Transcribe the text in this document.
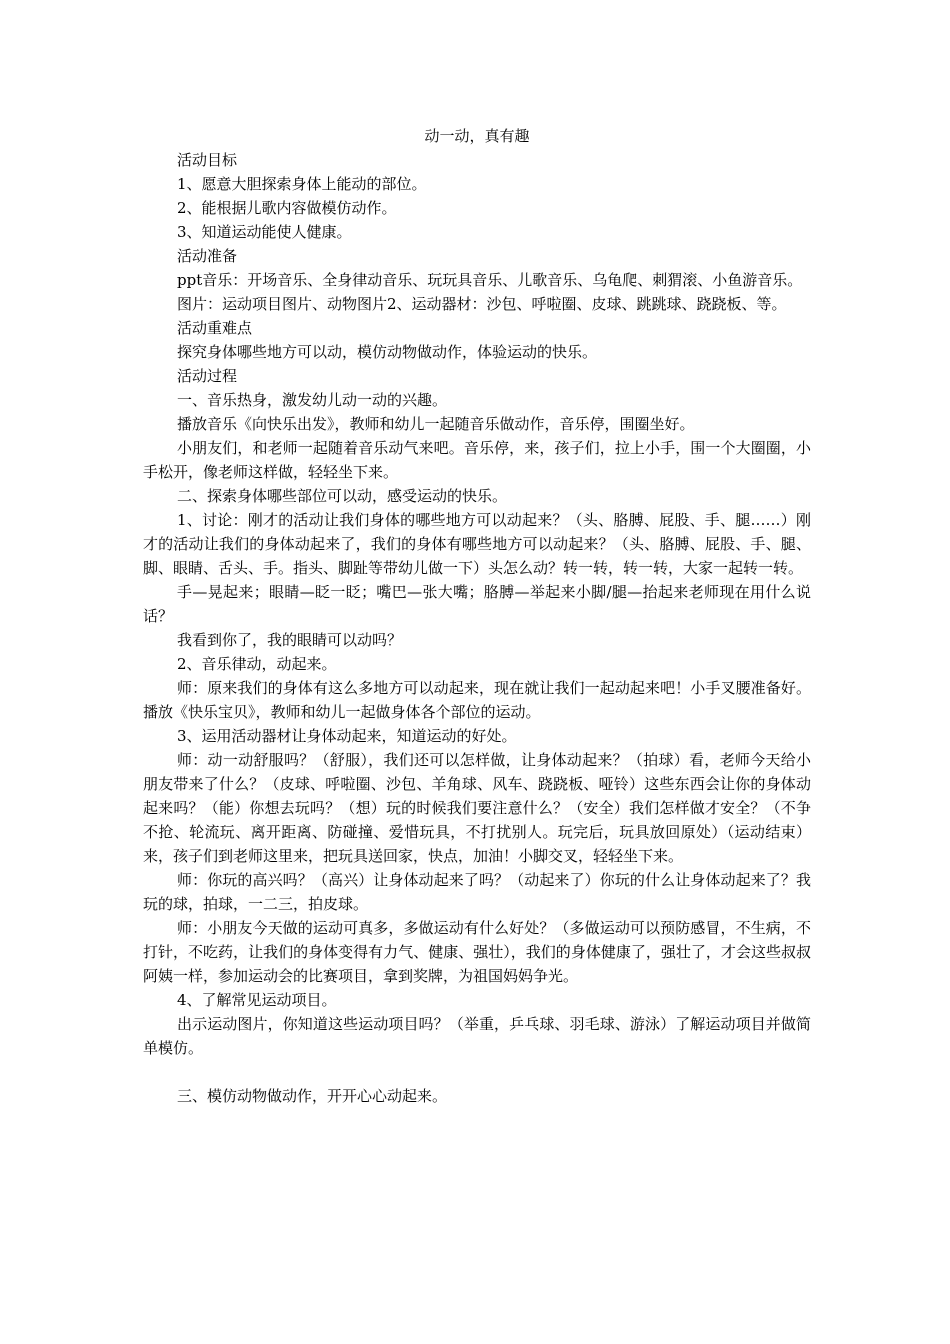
动一动，真有趣

活动目标

1、愿意大胆探索身体上能动的部位。

2、能根据儿歌内容做模仿动作。

3、知道运动能使人健康。

活动准备

ppt音乐：开场音乐、全身律动音乐、玩玩具音乐、儿歌音乐、乌龟爬、刺猬滚、小鱼游音乐。

图片：运动项目图片、动物图片2、运动器材：沙包、呼啦圈、皮球、跳跳球、跷跷板、等。

活动重难点

探究身体哪些地方可以动，模仿动物做动作，体验运动的快乐。

活动过程

一、音乐热身，激发幼儿动一动的兴趣。

播放音乐《向快乐出发》，教师和幼儿一起随音乐做动作，音乐停，围圈坐好。

小朋友们，和老师一起随着音乐动气来吧。音乐停，来，孩子们，拉上小手，围一个大圈圈，小手松开，像老师这样做，轻轻坐下来。

二、探索身体哪些部位可以动，感受运动的快乐。

1、讨论：刚才的活动让我们身体的哪些地方可以动起来？（头、胳膊、屁股、手、腿……）刚才的活动让我们的身体动起来了，我们的身体有哪些地方可以动起来？（头、胳膊、屁股、手、腿、脚、眼睛、舌头、手。指头、脚趾等带幼儿做一下）头怎么动？转一转，转一转，大家一起转一转。

手—晃起来；眼睛—眨一眨；嘴巴—张大嘴；胳膊—举起来小脚/腿—抬起来老师现在用什么说话？

我看到你了，我的眼睛可以动吗？

2、音乐律动，动起来。

师：原来我们的身体有这么多地方可以动起来，现在就让我们一起动起来吧！小手叉腰准备好。播放《快乐宝贝》，教师和幼儿一起做身体各个部位的运动。

3、运用活动器材让身体动起来，知道运动的好处。

师：动一动舒服吗？（舒服），我们还可以怎样做，让身体动起来？（拍球）看，老师今天给小朋友带来了什么？（皮球、呼啦圈、沙包、羊角球、风车、跷跷板、哑铃）这些东西会让你的身体动起来吗？（能）你想去玩吗？（想）玩的时候我们要注意什么？（安全）我们怎样做才安全？（不争不抢、轮流玩、离开距离、防碰撞、爱惜玩具，不打扰别人。玩完后，玩具放回原处）（运动结束）来，孩子们到老师这里来，把玩具送回家，快点，加油！小脚交叉，轻轻坐下来。

师：你玩的高兴吗？（高兴）让身体动起来了吗？（动起来了）你玩的什么让身体动起来了？我玩的球，拍球，一二三，拍皮球。

师：小朋友今天做的运动可真多，多做运动有什么好处？（多做运动可以预防感冒，不生病，不打针，不吃药，让我们的身体变得有力气、健康、强壮），我们的身体健康了，强壮了，才会这些叔叔阿姨一样，参加运动会的比赛项目，拿到奖牌，为祖国妈妈争光。

4、了解常见运动项目。

出示运动图片，你知道这些运动项目吗？（举重，乒乓球、羽毛球、游泳）了解运动项目并做简单模仿。

三、模仿动物做动作，开开心心动起来。
